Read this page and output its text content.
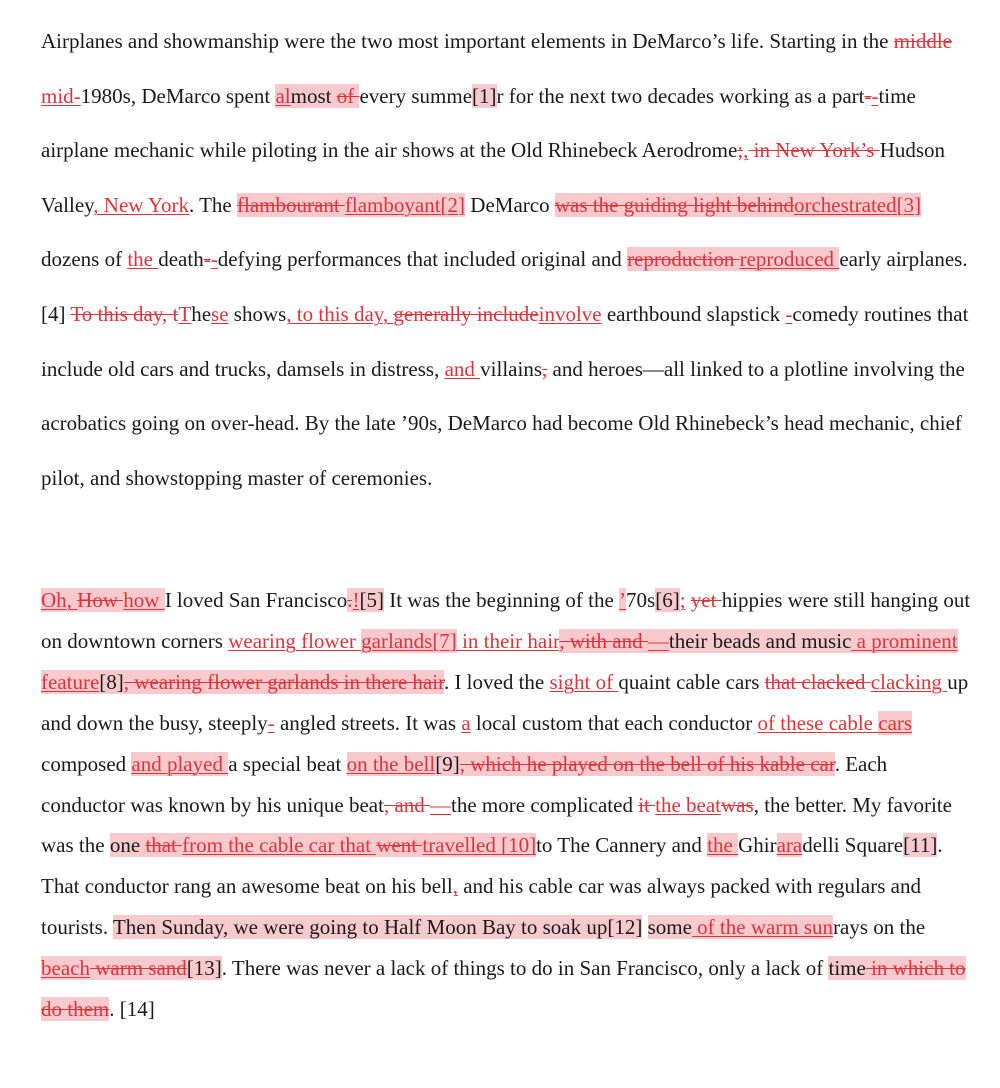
Airplanes and showmanship were the two most important elements in DeMarco’s life. Starting in the middle mid-1980s, DeMarco spent almost of every summe[1]r for the next two decades working as a part--time airplane mechanic while piloting in the air shows at the Old Rhinebeck Aerodrome;, in New York’s Hudson Valley, New York. The flambourant flamboyant[2] DeMarco was the guiding light behindorchestrated[3] dozens of the death--defying performances that included original and reproduction reproduced early airplanes.[4] To this day, tThese shows, to this day, generally includeinvolve earthbound slapstick -comedy routines that include old cars and trucks, damsels in distress, and villains, and heroes—all linked to a plotline involving the acrobatics going on over-head. By the late ’90s, DeMarco had become Old Rhinebeck’s head mechanic, chief pilot, and showstopping master of ceremonies.

Oh, How how I loved San Francisco.![5] It was the beginning of the ’70s[6]; yet hippies were still hanging out on downtown corners wearing flower garlands[7] in their hair, with and —their beads and music a prominent feature[8], wearing flower garlands in there hair. I loved the sight of quaint cable cars that clacked clacking up and down the busy, steeply- angled streets. It was a local custom that each conductor of these cable cars composed and played a special beat on the bell[9], which he played on the bell of his kable car. Each conductor was known by his unique beat, and —the more complicated it the beatwas, the better. My favorite was the one that from the cable car that went travelled [10]to The Cannery and the Ghiraradelli Square[11]. That conductor rang an awesome beat on his bell, and his cable car was always packed with regulars and tourists. Then Sunday, we were going to Half Moon Bay to soak up[12] some of the warm sunrays on the beach warm sand[13]. There was never a lack of things to do in San Francisco, only a lack of time in which to do them. [14]
